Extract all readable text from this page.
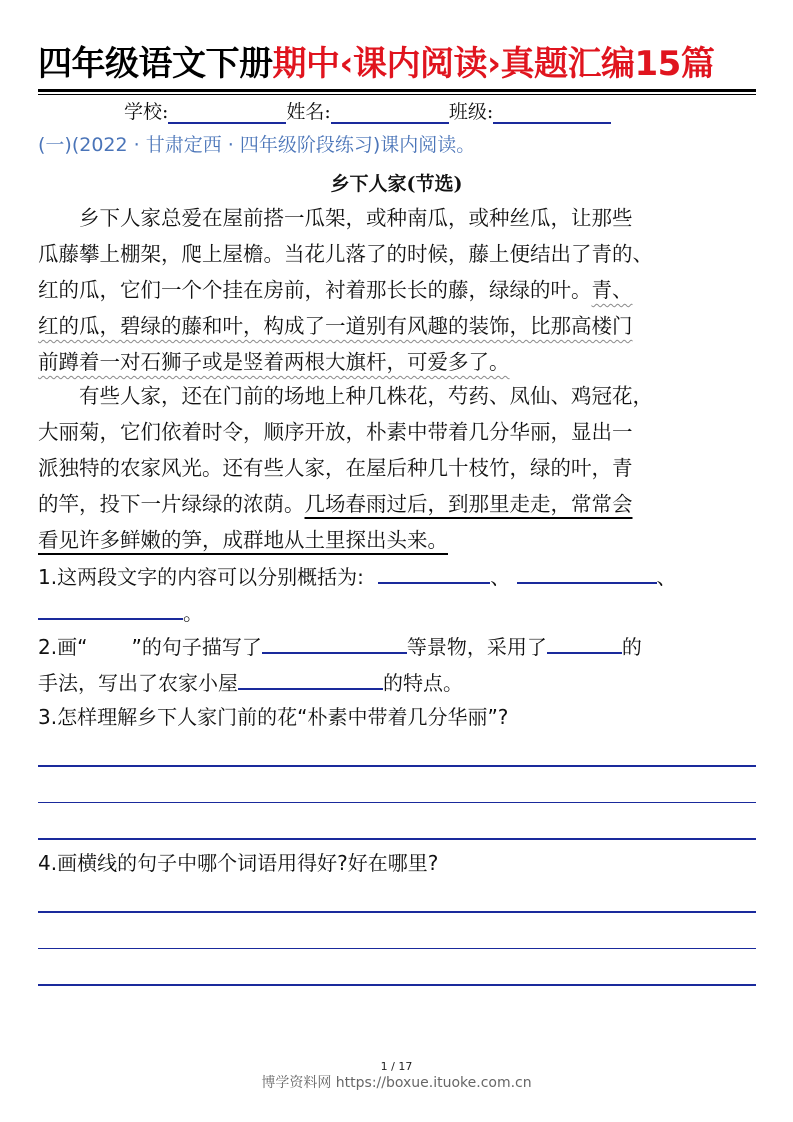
四年级语文下册期中‹课内阅读›真题汇编15篇
学校:	姓名:	班级:
(一)(2022 · 甘肃定西 · 四年级阶段练习)课内阅读。
乡下人家(节选)
　　乡下人家总爱在屋前搭一瓜架，或种南瓜，或种丝瓜，让那些
瓜藤攀上棚架，爬上屋檐。当花儿落了的时候，藤上便结出了青的、
红的瓜，它们一个个挂在房前，衬着那长长的藤，绿绿的叶。青、
红的瓜，碧绿的藤和叶，构成了一道别有风趣的装饰，比那高楼门
前蹲着一对石狮子或是竖着两根大旗杆，可爱多了。
　　有些人家，还在门前的场地上种几株花，芍药、凤仙、鸡冠花，
大丽菊，它们依着时令，顺序开放，朴素中带着几分华丽，显出一
派独特的农家风光。还有些人家，在屋后种几十枝竹，绿的叶，青
的竿，投下一片绿绿的浓荫。几场春雨过后，到那里走走，常常会
看见许多鲜嫩的笋，成群地从土里探出头来。
1.这两段文字的内容可以分别概括为:	、	、
。
2.画“ ”的句子描写了	等景物，采用了	的
手法，写出了农家小屋	的特点。
3.怎样理解乡下人家门前的花“朴素中带着几分华丽”?
4.画横线的句子中哪个词语用得好?好在哪里?
1 / 17
博学资料网 https://boxue.ituoke.com.cn
